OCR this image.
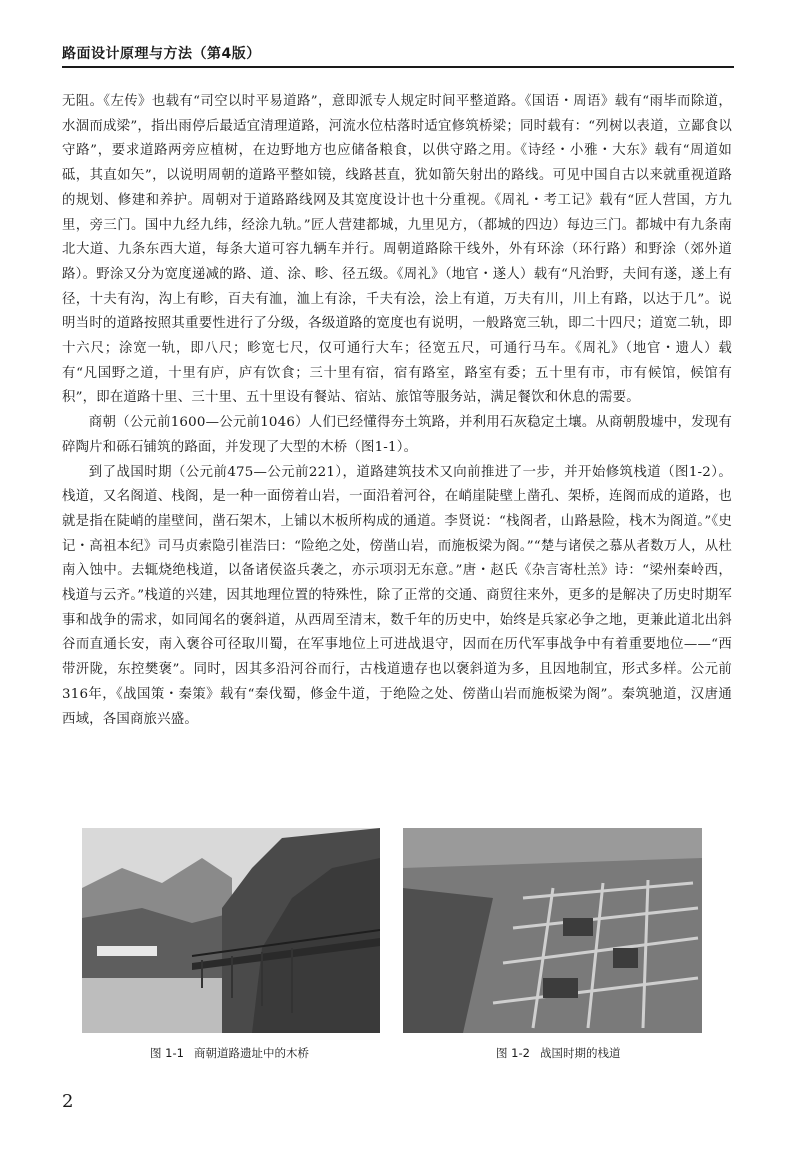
路面设计原理与方法（第4版）

无阻。《左传》也载有“司空以时平易道路”，意即派专人规定时间平整道路。《国语・周语》载有“雨毕而除道，水涸而成梁”，指出雨停后最适宜清理道路，河流水位枯落时适宜修筑桥梁；同时载有：“列树以表道，立鄙食以守路”，要求道路两旁应植树，在边野地方也应储备粮食，以供守路之用。《诗经・小雅・大东》载有“周道如砥，其直如矢”，以说明周朝的道路平整如镜，线路甚直，犹如箭矢射出的路线。可见中国自古以来就重视道路的规划、修建和养护。周朝对于道路路线网及其宽度设计也十分重视。《周礼・考工记》载有“匠人营国，方九里，旁三门。国中九经九纬，经涂九轨。”匠人营建都城，九里见方，（都城的四边）每边三门。都城中有九条南北大道、九条东西大道，每条大道可容九辆车并行。周朝道路除干线外，外有环涂（环行路）和野涂（郊外道路）。野涂又分为宽度递减的路、道、涂、畛、径五级。《周礼》（地官・遂人）载有“凡治野，夫间有遂，遂上有径，十夫有沟，沟上有畛，百夫有洫，洫上有涂，千夫有浍，浍上有道，万夫有川，川上有路，以达于几”。说明当时的道路按照其重要性进行了分级，各级道路的宽度也有说明，一般路宽三轨，即二十四尺；道宽二轨，即十六尺；涂宽一轨，即八尺；畛宽七尺，仅可通行大车；径宽五尺，可通行马车。《周礼》（地官・遗人）载有“凡国野之道，十里有庐，庐有饮食；三十里有宿，宿有路室，路室有委；五十里有市，市有候馆，候馆有积”，即在道路十里、三十里、五十里设有餐站、宿站、旅馆等服务站，满足餐饮和休息的需要。

商朝（公元前1600—公元前1046）人们已经懂得夯土筑路，并利用石灰稳定土壤。从商朝殷墟中，发现有碎陶片和砾石铺筑的路面，并发现了大型的木桥（图1-1）。

到了战国时期（公元前475—公元前221），道路建筑技术又向前推进了一步，并开始修筑栈道（图1-2）。栈道，又名阁道、栈阁，是一种一面傍着山岩，一面沿着河谷，在峭崖陡壁上凿孔、架桥，连阁而成的道路，也就是指在陡峭的崖壁间，凿石架木，上铺以木板所构成的通道。李贤说：“栈阁者，山路悬险，栈木为阁道。”《史记・高祖本纪》司马贞索隐引崔浩曰：“险绝之处，傍凿山岩，而施板梁为阁。”“楚与诸侯之慕从者数万人，从杜南入蚀中。去辄烧绝栈道，以备诸侯盗兵袭之，亦示项羽无东意。”唐・赵氏《杂言寄杜羔》诗：“梁州秦岭西，栈道与云齐。”栈道的兴建，因其地理位置的特殊性，除了正常的交通、商贸往来外，更多的是解决了历史时期军事和战争的需求，如同闻名的褒斜道，从西周至清末，数千年的历史中，始终是兵家必争之地，更兼此道北出斜谷而直通长安，南入褒谷可径取川蜀，在军事地位上可进战退守，因而在历代军事战争中有着重要地位——“西带汧陇，东控樊褒”。同时，因其多沿河谷而行，古栈道遗存也以褒斜道为多，且因地制宜，形式多样。公元前316年，《战国策・秦策》载有“秦伐蜀，修金牛道，于绝险之处、傍凿山岩而施板梁为阁”。秦筑驰道，汉唐通西域，各国商旅兴盛。

图 1-1 商朝道路遗址中的木桥	图 1-2 战国时期的栈道
2
